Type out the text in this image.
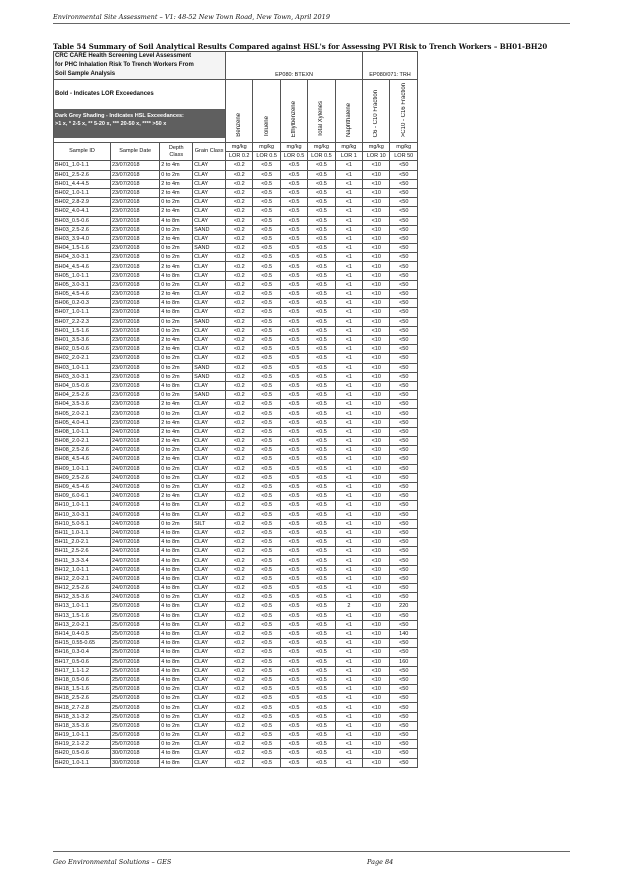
Environmental Site Assessment – V1: 48-52 New Town Road, New Town, April 2019
Table 54 Summary of Soil Analytical Results Compared against HSL's for Assessing PVI Risk to Trench Workers – BH01-BH20
CRC CARE Health Screening Level Assessment
for PHC Inhalation Risk To Trench Workers From
Soil Sample Analysis				EP080: BTEXN					EP080/071: TRH	

Bold - Indicates LOR Exceedances
Dark Grey Shading - Indicates HSL Exceedances:
>1 x, * 2-5 x, ** 5-20 x, *** 20-50 x, **** >50 x				Benzene	Toluene	Ethylbenzene	Total Xylenes	Naphthalene	C6 - C10 Fraction	>C10 - C16 Fraction
Sample ID	Sample Date	Depth Class	Grain Class	mg/kg	mg/kg	mg/kg	mg/kg	mg/kg	mg/kg	mg/kg
				LOR 0.2	LOR 0.5	LOR 0.5	LOR 0.5	LOR 1	LOR 10	LOR 50
BH01_1.0-1.1	23/07/2018	2 to 4m	CLAY	<0.2	<0.5	<0.5	<0.5	<1	<10	<50
BH01_2.5-2.6	23/07/2018	0 to 2m	CLAY	<0.2	<0.5	<0.5	<0.5	<1	<10	<50
BH01_4.4-4.5	23/07/2018	2 to 4m	CLAY	<0.2	<0.5	<0.5	<0.5	<1	<10	<50
BH02_1.0-1.1	23/07/2018	2 to 4m	CLAY	<0.2	<0.5	<0.5	<0.5	<1	<10	<50
BH02_2.8-2.9	23/07/2018	0 to 2m	CLAY	<0.2	<0.5	<0.5	<0.5	<1	<10	<50
BH02_4.0-4.1	23/07/2018	2 to 4m	CLAY	<0.2	<0.5	<0.5	<0.5	<1	<10	<50
BH03_0.5-0.6	23/07/2018	4 to 8m	CLAY	<0.2	<0.5	<0.5	<0.5	<1	<10	<50
BH03_2.5-2.6	23/07/2018	0 to 2m	SAND	<0.2	<0.5	<0.5	<0.5	<1	<10	<50
BH03_3.9-4.0	23/07/2018	2 to 4m	CLAY	<0.2	<0.5	<0.5	<0.5	<1	<10	<50
BH04_1.5-1.6	23/07/2018	0 to 2m	SAND	<0.2	<0.5	<0.5	<0.5	<1	<10	<50
BH04_3.0-3.1	23/07/2018	0 to 2m	CLAY	<0.2	<0.5	<0.5	<0.5	<1	<10	<50
BH04_4.5-4.6	23/07/2018	2 to 4m	CLAY	<0.2	<0.5	<0.5	<0.5	<1	<10	<50
BH05_1.0-1.1	23/07/2018	4 to 8m	CLAY	<0.2	<0.5	<0.5	<0.5	<1	<10	<50
BH05_3.0-3.1	23/07/2018	0 to 2m	CLAY	<0.2	<0.5	<0.5	<0.5	<1	<10	<50
BH05_4.5-4.6	23/07/2018	2 to 4m	CLAY	<0.2	<0.5	<0.5	<0.5	<1	<10	<50
BH06_0.2-0.3	23/07/2018	4 to 8m	CLAY	<0.2	<0.5	<0.5	<0.5	<1	<10	<50
BH07_1.0-1.1	23/07/2018	4 to 8m	CLAY	<0.2	<0.5	<0.5	<0.5	<1	<10	<50
BH07_2.2-2.3	23/07/2018	0 to 2m	SAND	<0.2	<0.5	<0.5	<0.5	<1	<10	<50
BH01_1.5-1.6	23/07/2018	0 to 2m	CLAY	<0.2	<0.5	<0.5	<0.5	<1	<10	<50
BH01_3.5-3.6	23/07/2018	2 to 4m	CLAY	<0.2	<0.5	<0.5	<0.5	<1	<10	<50
BH02_0.5-0.6	23/07/2018	2 to 4m	CLAY	<0.2	<0.5	<0.5	<0.5	<1	<10	<50
BH02_2.0-2.1	23/07/2018	0 to 2m	CLAY	<0.2	<0.5	<0.5	<0.5	<1	<10	<50
BH03_1.0-1.1	23/07/2018	0 to 2m	SAND	<0.2	<0.5	<0.5	<0.5	<1	<10	<50
BH03_3.0-3.1	23/07/2018	0 to 2m	SAND	<0.2	<0.5	<0.5	<0.5	<1	<10	<50
BH04_0.5-0.6	23/07/2018	4 to 8m	CLAY	<0.2	<0.5	<0.5	<0.5	<1	<10	<50
BH04_2.5-2.6	23/07/2018	0 to 2m	SAND	<0.2	<0.5	<0.5	<0.5	<1	<10	<50
BH04_3.5-3.6	23/07/2018	2 to 4m	CLAY	<0.2	<0.5	<0.5	<0.5	<1	<10	<50
BH05_2.0-2.1	23/07/2018	0 to 2m	CLAY	<0.2	<0.5	<0.5	<0.5	<1	<10	<50
BH05_4.0-4.1	23/07/2018	2 to 4m	CLAY	<0.2	<0.5	<0.5	<0.5	<1	<10	<50
BH08_1.0-1.1	24/07/2018	2 to 4m	CLAY	<0.2	<0.5	<0.5	<0.5	<1	<10	<50
BH08_2.0-2.1	24/07/2018	2 to 4m	CLAY	<0.2	<0.5	<0.5	<0.5	<1	<10	<50
BH08_2.5-2.6	24/07/2018	0 to 2m	CLAY	<0.2	<0.5	<0.5	<0.5	<1	<10	<50
BH08_4.5-4.6	24/07/2018	2 to 4m	CLAY	<0.2	<0.5	<0.5	<0.5	<1	<10	<50
BH09_1.0-1.1	24/07/2018	0 to 2m	CLAY	<0.2	<0.5	<0.5	<0.5	<1	<10	<50
BH09_2.5-2.6	24/07/2018	0 to 2m	CLAY	<0.2	<0.5	<0.5	<0.5	<1	<10	<50
BH09_4.5-4.6	24/07/2018	0 to 2m	CLAY	<0.2	<0.5	<0.5	<0.5	<1	<10	<50
BH09_6.0-6.1	24/07/2018	2 to 4m	CLAY	<0.2	<0.5	<0.5	<0.5	<1	<10	<50
BH10_1.0-1.1	24/07/2018	4 to 8m	CLAY	<0.2	<0.5	<0.5	<0.5	<1	<10	<50
BH10_3.0-3.1	24/07/2018	4 to 8m	CLAY	<0.2	<0.5	<0.5	<0.5	<1	<10	<50
BH10_5.0-5.1	24/07/2018	0 to 2m	SILT	<0.2	<0.5	<0.5	<0.5	<1	<10	<50
BH11_1.0-1.1	24/07/2018	4 to 8m	CLAY	<0.2	<0.5	<0.5	<0.5	<1	<10	<50
BH11_2.0-2.1	24/07/2018	4 to 8m	CLAY	<0.2	<0.5	<0.5	<0.5	<1	<10	<50
BH11_2.5-2.6	24/07/2018	4 to 8m	CLAY	<0.2	<0.5	<0.5	<0.5	<1	<10	<50
BH11_3.3-3.4	24/07/2018	4 to 8m	CLAY	<0.2	<0.5	<0.5	<0.5	<1	<10	<50
BH12_1.0-1.1	24/07/2018	4 to 8m	CLAY	<0.2	<0.5	<0.5	<0.5	<1	<10	<50
BH12_2.0-2.1	24/07/2018	4 to 8m	CLAY	<0.2	<0.5	<0.5	<0.5	<1	<10	<50
BH12_2.5-2.6	24/07/2018	4 to 8m	CLAY	<0.2	<0.5	<0.5	<0.5	<1	<10	<50
BH12_3.5-3.6	24/07/2018	0 to 2m	CLAY	<0.2	<0.5	<0.5	<0.5	<1	<10	<50
BH13_1.0-1.1	25/07/2018	4 to 8m	CLAY	<0.2	<0.5	<0.5	<0.5	2	<10	220
BH13_1.5-1.6	25/07/2018	4 to 8m	CLAY	<0.2	<0.5	<0.5	<0.5	<1	<10	<50
BH13_2.0-2.1	25/07/2018	4 to 8m	CLAY	<0.2	<0.5	<0.5	<0.5	<1	<10	<50
BH14_0.4-0.5	25/07/2018	4 to 8m	CLAY	<0.2	<0.5	<0.5	<0.5	<1	<10	140
BH15_0.55-0.65	25/07/2018	4 to 8m	CLAY	<0.2	<0.5	<0.5	<0.5	<1	<10	<50
BH16_0.3-0.4	25/07/2018	4 to 8m	CLAY	<0.2	<0.5	<0.5	<0.5	<1	<10	<50
BH17_0.5-0.6	25/07/2018	4 to 8m	CLAY	<0.2	<0.5	<0.5	<0.5	<1	<10	160
BH17_1.1-1.2	25/07/2018	4 to 8m	CLAY	<0.2	<0.5	<0.5	<0.5	<1	<10	<50
BH18_0.5-0.6	25/07/2018	4 to 8m	CLAY	<0.2	<0.5	<0.5	<0.5	<1	<10	<50
BH18_1.5-1.6	25/07/2018	0 to 2m	CLAY	<0.2	<0.5	<0.5	<0.5	<1	<10	<50
BH18_2.5-2.6	25/07/2018	0 to 2m	CLAY	<0.2	<0.5	<0.5	<0.5	<1	<10	<50
BH18_2.7-2.8	25/07/2018	0 to 2m	CLAY	<0.2	<0.5	<0.5	<0.5	<1	<10	<50
BH18_3.1-3.2	25/07/2018	0 to 2m	CLAY	<0.2	<0.5	<0.5	<0.5	<1	<10	<50
BH18_3.5-3.6	25/07/2018	0 to 2m	CLAY	<0.2	<0.5	<0.5	<0.5	<1	<10	<50
BH19_1.0-1.1	25/07/2018	0 to 2m	CLAY	<0.2	<0.5	<0.5	<0.5	<1	<10	<50
BH19_2.1-2.2	25/07/2018	0 to 2m	CLAY	<0.2	<0.5	<0.5	<0.5	<1	<10	<50
BH20_0.5-0.6	30/07/2018	4 to 8m	CLAY	<0.2	<0.5	<0.5	<0.5	<1	<10	<50
BH20_1.0-1.1	30/07/2018	4 to 8m	CLAY	<0.2	<0.5	<0.5	<0.5	<1	<10	<50
Geo Environmental Solutions – GES	Page 84
